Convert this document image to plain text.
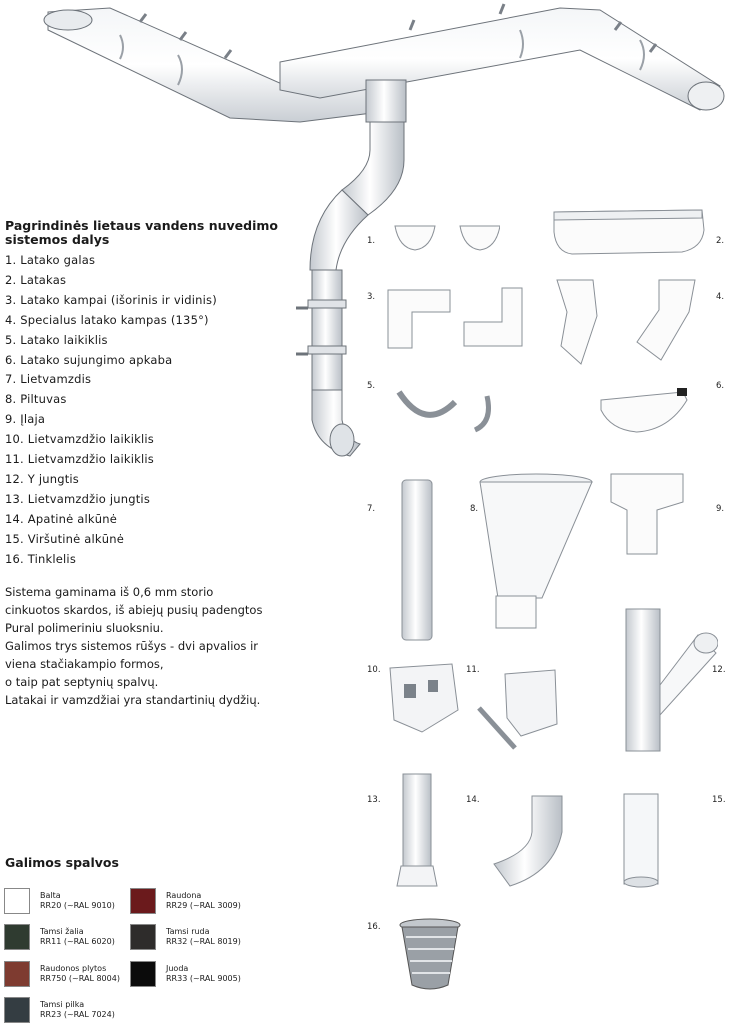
Pagrindinės lietaus vandens nuvedimo
sistemos dalys
1. Latako galas
2. Latakas
3. Latako kampai (išorinis ir vidinis)
4. Specialus latako kampas (135°)
5. Latako laikiklis
6. Latako sujungimo apkaba
7. Lietvamzdis
8. Piltuvas
9. Įlaja
10. Lietvamzdžio laikiklis
11. Lietvamzdžio laikiklis
12. Y jungtis
13. Lietvamzdžio jungtis
14. Apatinė alkūnė
15. Viršutinė alkūnė
16. Tinklelis
Sistema gaminama iš 0,6 mm storio
cinkuotos skardos, iš abiejų pusių padengtos
Pural polimeriniu sluoksniu.
Galimos trys sistemos rūšys - dvi apvalios ir
viena stačiakampio formos,
o taip pat septynių spalvų.
Latakai ir vamzdžiai yra standartinių dydžių.
Galimos spalvos
Balta
RR20 (~RAL 9010)
Raudona
RR29 (~RAL 3009)
Tamsi žalia
RR11 (~RAL 6020)
Tamsi ruda
RR32 (~RAL 8019)
Raudonos plytos
RR750 (~RAL 8004)
Juoda
RR33 (~RAL 9005)
Tamsi pilka
RR23 (~RAL 7024)
1.	2.
3.	4.
5.	6.
7.	8.	9.
10.	11.	12.
13.	14.	15.
16.
